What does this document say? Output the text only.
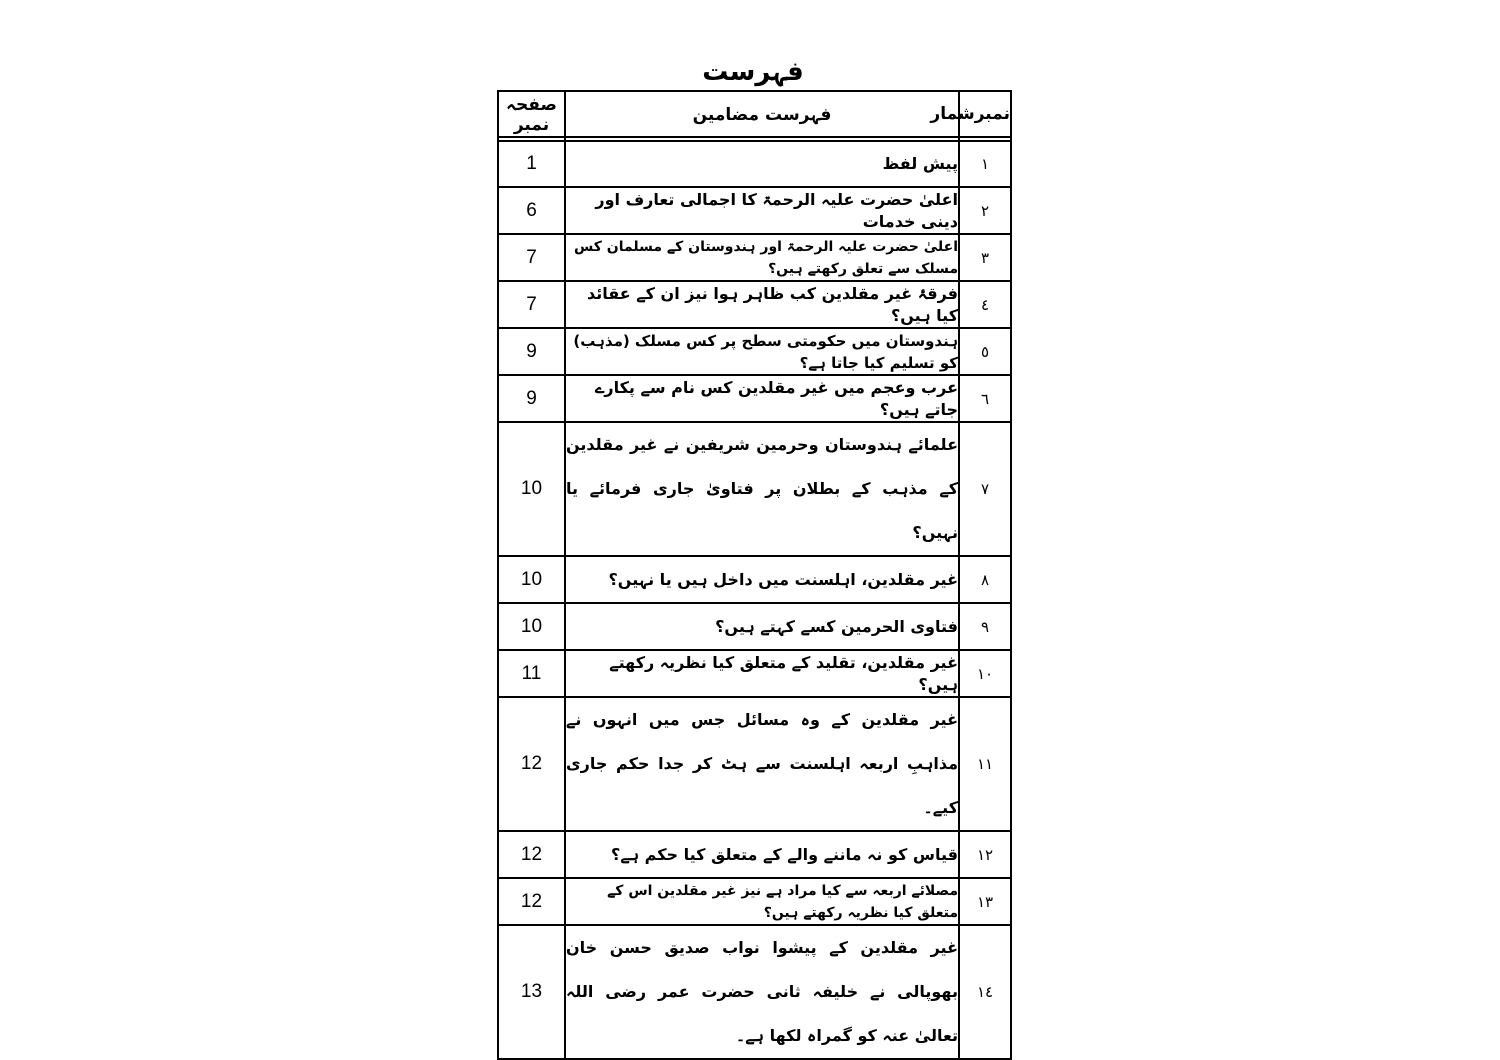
فہرست
نمبرشمار	فہرست مضامین	صفحہ نمبر

١	پیش لفظ	1
٢	اعلیٰ حضرت علیہ الرحمۃ کا اجمالی تعارف اور دینی خدمات	6
٣	اعلیٰ حضرت علیہ الرحمۃ اور ہندوستان کے مسلمان کس مسلک سے تعلق رکھتے ہیں؟	7
٤	فرقۂ غیر مقلدین کب ظاہر ہوا نیز ان کے عقائد کیا ہیں؟	7
٥	ہندوستان میں حکومتی سطح پر کس مسلک (مذہب) کو تسلیم کیا جاتا ہے؟	9
٦	عرب وعجم میں غیر مقلدین کس نام سے پکارے جاتے ہیں؟	9
٧	علمائے ہندوستان وحرمین شریفین نے غیر مقلدین کے مذہب کے بطلان پر فتاویٰ جاری فرمائے یا نہیں؟	10
٨	غیر مقلدین، اہلسنت میں داخل ہیں یا نہیں؟	10
٩	فتاوی الحرمین کسے کہتے ہیں؟	10
١٠	غیر مقلدین، تقلید کے متعلق کیا نظریہ رکھتے ہیں؟	11
١١	غیر مقلدین کے وہ مسائل جس میں انہوں نے مذاہبِ اربعہ اہلسنت سے ہٹ کر جدا حکم جاری کیے۔	12
١٢	قیاس کو نہ ماننے والے کے متعلق کیا حکم ہے؟	12
١٣	مصلائے اربعہ سے کیا مراد ہے نیز غیر مقلدین اس کے متعلق کیا نظریہ رکھتے ہیں؟	12
١٤	غیر مقلدین کے پیشوا نواب صدیق حسن خان بھوپالی نے خلیفہ ثانی حضرت عمر رضی اللہ تعالیٰ عنہ کو گمراہ لکھا ہے۔	13
